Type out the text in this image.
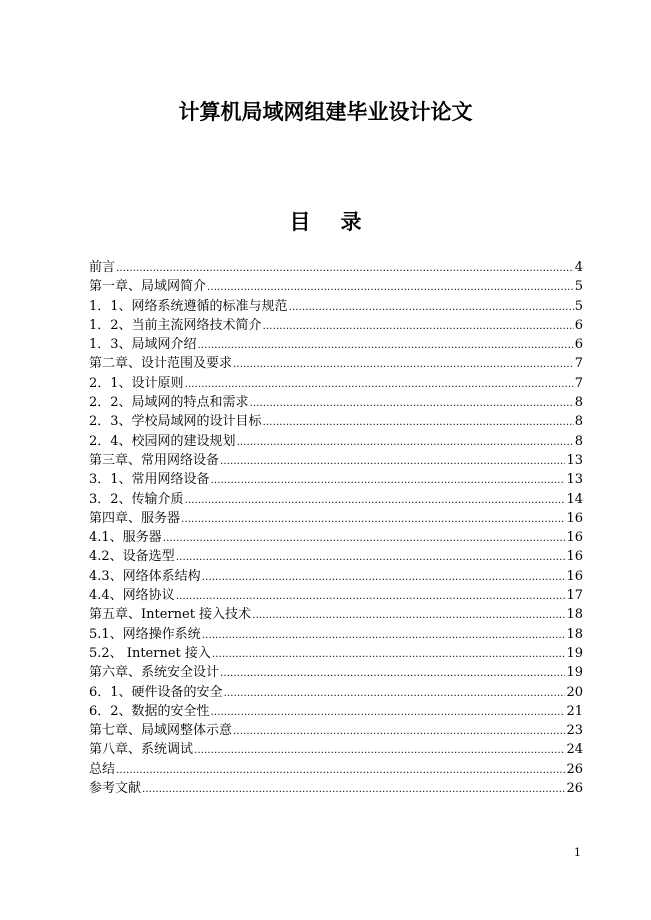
计算机局域网组建毕业设计论文
目录
前言 ……………………………………………………………………………………………………………………………………………………	4
第一章、局域网简介 ……………………………………………………………………………………………………………………………………………………	5
1．1、网络系统遵循的标准与规范 ……………………………………………………………………………………………………………………………………………………	5
1．2、当前主流网络技术简介 ……………………………………………………………………………………………………………………………………………………	6
1．3、局域网介绍 ……………………………………………………………………………………………………………………………………………………	6
第二章、设计范围及要求 ……………………………………………………………………………………………………………………………………………………	7
2．1、设计原则 ……………………………………………………………………………………………………………………………………………………	7
2．2、局域网的特点和需求 ……………………………………………………………………………………………………………………………………………………	8
2．3、学校局域网的设计目标 ……………………………………………………………………………………………………………………………………………………	8
2．4、校园网的建设规划 ……………………………………………………………………………………………………………………………………………………	8
第三章、常用网络设备 ……………………………………………………………………………………………………………………………………………………	13
3．1、常用网络设备 ……………………………………………………………………………………………………………………………………………………	13
3．2、传输介质 ……………………………………………………………………………………………………………………………………………………	14
第四章、服务器 ……………………………………………………………………………………………………………………………………………………	16
4.1、服务器 ……………………………………………………………………………………………………………………………………………………	16
4.2、设备选型 ……………………………………………………………………………………………………………………………………………………	16
4.3、网络体系结构 ……………………………………………………………………………………………………………………………………………………	16
4.4、网络协议 ……………………………………………………………………………………………………………………………………………………	17
第五章、Internet 接入技术 ……………………………………………………………………………………………………………………………………………………	18
5.1、网络操作系统 ……………………………………………………………………………………………………………………………………………………	18
5.2、 Internet 接入 ……………………………………………………………………………………………………………………………………………………	19
第六章、系统安全设计 ……………………………………………………………………………………………………………………………………………………	19
6．1、硬件设备的安全 ……………………………………………………………………………………………………………………………………………………	20
6．2、数据的安全性 ……………………………………………………………………………………………………………………………………………………	21
第七章、局域网整体示意 ……………………………………………………………………………………………………………………………………………………	23
第八章、系统调试 ……………………………………………………………………………………………………………………………………………………	24
总结 ……………………………………………………………………………………………………………………………………………………	26
参考文献 ……………………………………………………………………………………………………………………………………………………	26
1
